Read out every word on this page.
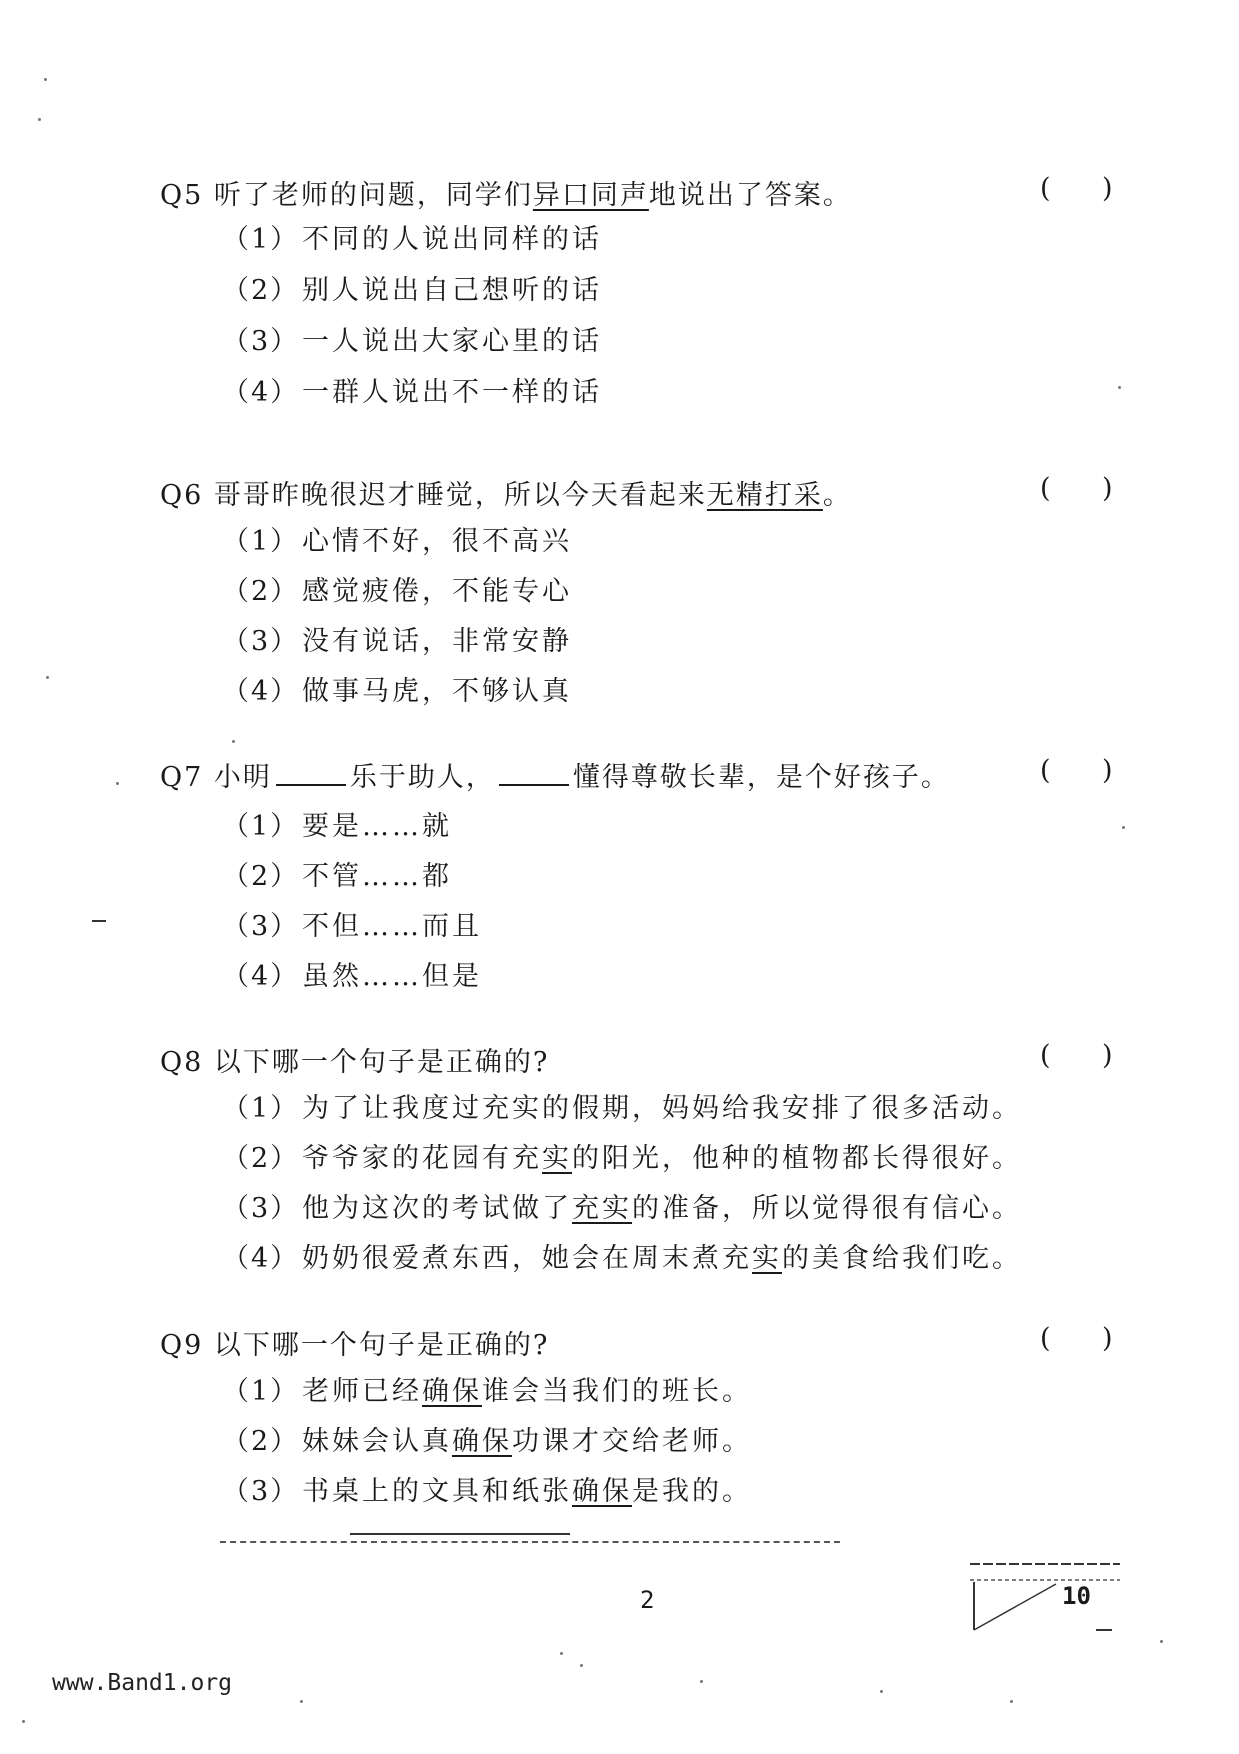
Q5 听了老师的问题，同学们异口同声地说出了答案。	(      )
（1） 不同的人说出同样的话
（2） 别人说出自己想听的话
（3） 一人说出大家心里的话
（4） 一群人说出不一样的话
Q6 哥哥昨晚很迟才睡觉，所以今天看起来无精打采。	(      )
（1） 心情不好，很不高兴
（2） 感觉疲倦，不能专心
（3） 没有说话，非常安静
（4） 做事马虎，不够认真
Q7 小明	乐于助人，	懂得尊敬长辈，是个好孩子。	(      )
（1） 要是……就
（2） 不管……都
（3） 不但……而且
（4） 虽然……但是
Q8 以下哪一个句子是正确的?	(      )
（1） 为了让我度过充实的假期，妈妈给我安排了很多活动。
（2） 爷爷家的花园有充实的阳光，他种的植物都长得很好。
（3） 他为这次的考试做了充实的准备，所以觉得很有信心。
（4） 奶奶很爱煮东西，她会在周末煮充实的美食给我们吃。
Q9 以下哪一个句子是正确的?	(      )
（1） 老师已经确保谁会当我们的班长。
（2） 妹妹会认真确保功课才交给老师。
（3） 书桌上的文具和纸张确保是我的。
2	10
www.Band1.org
